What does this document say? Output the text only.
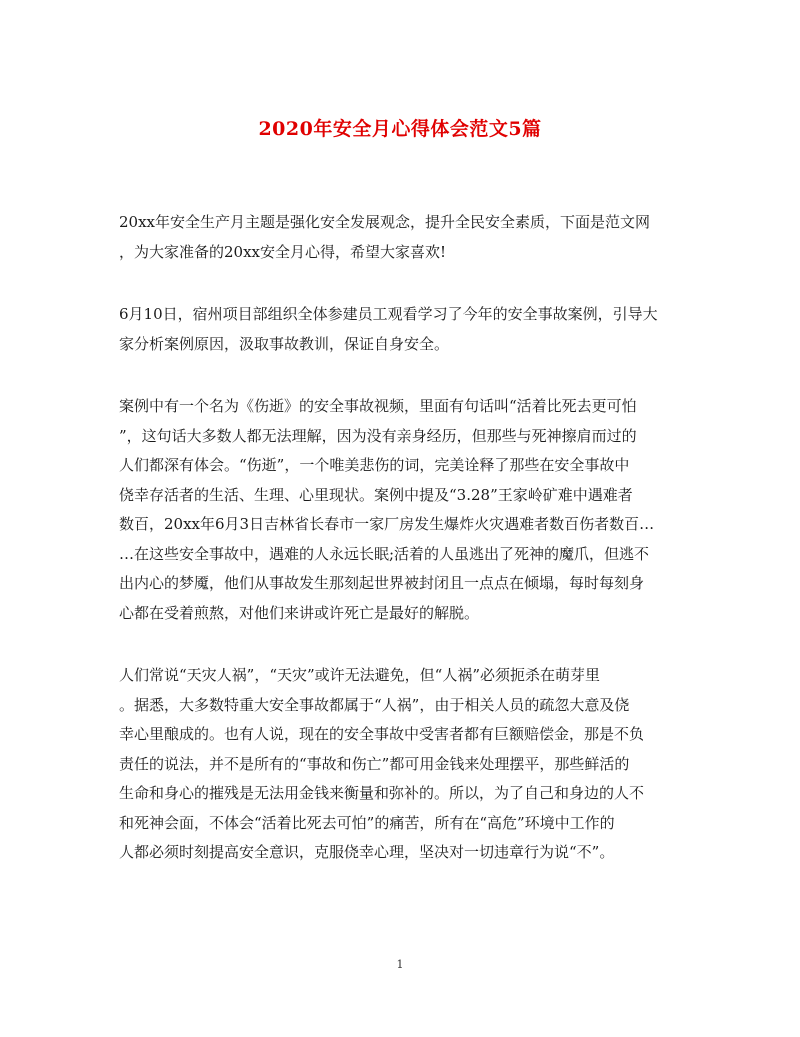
2020年安全月心得体会范文5篇
20xx年安全生产月主题是强化安全发展观念，提升全民安全素质，下面是范文网
，为大家准备的20xx安全月心得，希望大家喜欢!
6月10日，宿州项目部组织全体参建员工观看学习了今年的安全事故案例，引导大
家分析案例原因，汲取事故教训，保证自身安全。
案例中有一个名为《伤逝》的安全事故视频，里面有句话叫“活着比死去更可怕
”，这句话大多数人都无法理解，因为没有亲身经历，但那些与死神擦肩而过的
人们都深有体会。“伤逝”，一个唯美悲伤的词，完美诠释了那些在安全事故中
侥幸存活者的生活、生理、心里现状。案例中提及“3.28”王家岭矿难中遇难者
数百，20xx年6月3日吉林省长春市一家厂房发生爆炸火灾遇难者数百伤者数百…
…在这些安全事故中，遇难的人永远长眠;活着的人虽逃出了死神的魔爪，但逃不
出内心的梦魇，他们从事故发生那刻起世界被封闭且一点点在倾塌，每时每刻身
心都在受着煎熬，对他们来讲或许死亡是最好的解脱。
人们常说“天灾人祸”，“天灾”或许无法避免，但“人祸”必须扼杀在萌芽里
。据悉，大多数特重大安全事故都属于“人祸”，由于相关人员的疏忽大意及侥
幸心里酿成的。也有人说，现在的安全事故中受害者都有巨额赔偿金，那是不负
责任的说法，并不是所有的“事故和伤亡”都可用金钱来处理摆平，那些鲜活的
生命和身心的摧残是无法用金钱来衡量和弥补的。所以，为了自己和身边的人不
和死神会面，不体会“活着比死去可怕”的痛苦，所有在“高危”环境中工作的
人都必须时刻提高安全意识，克服侥幸心理，坚决对一切违章行为说“不”。
1
